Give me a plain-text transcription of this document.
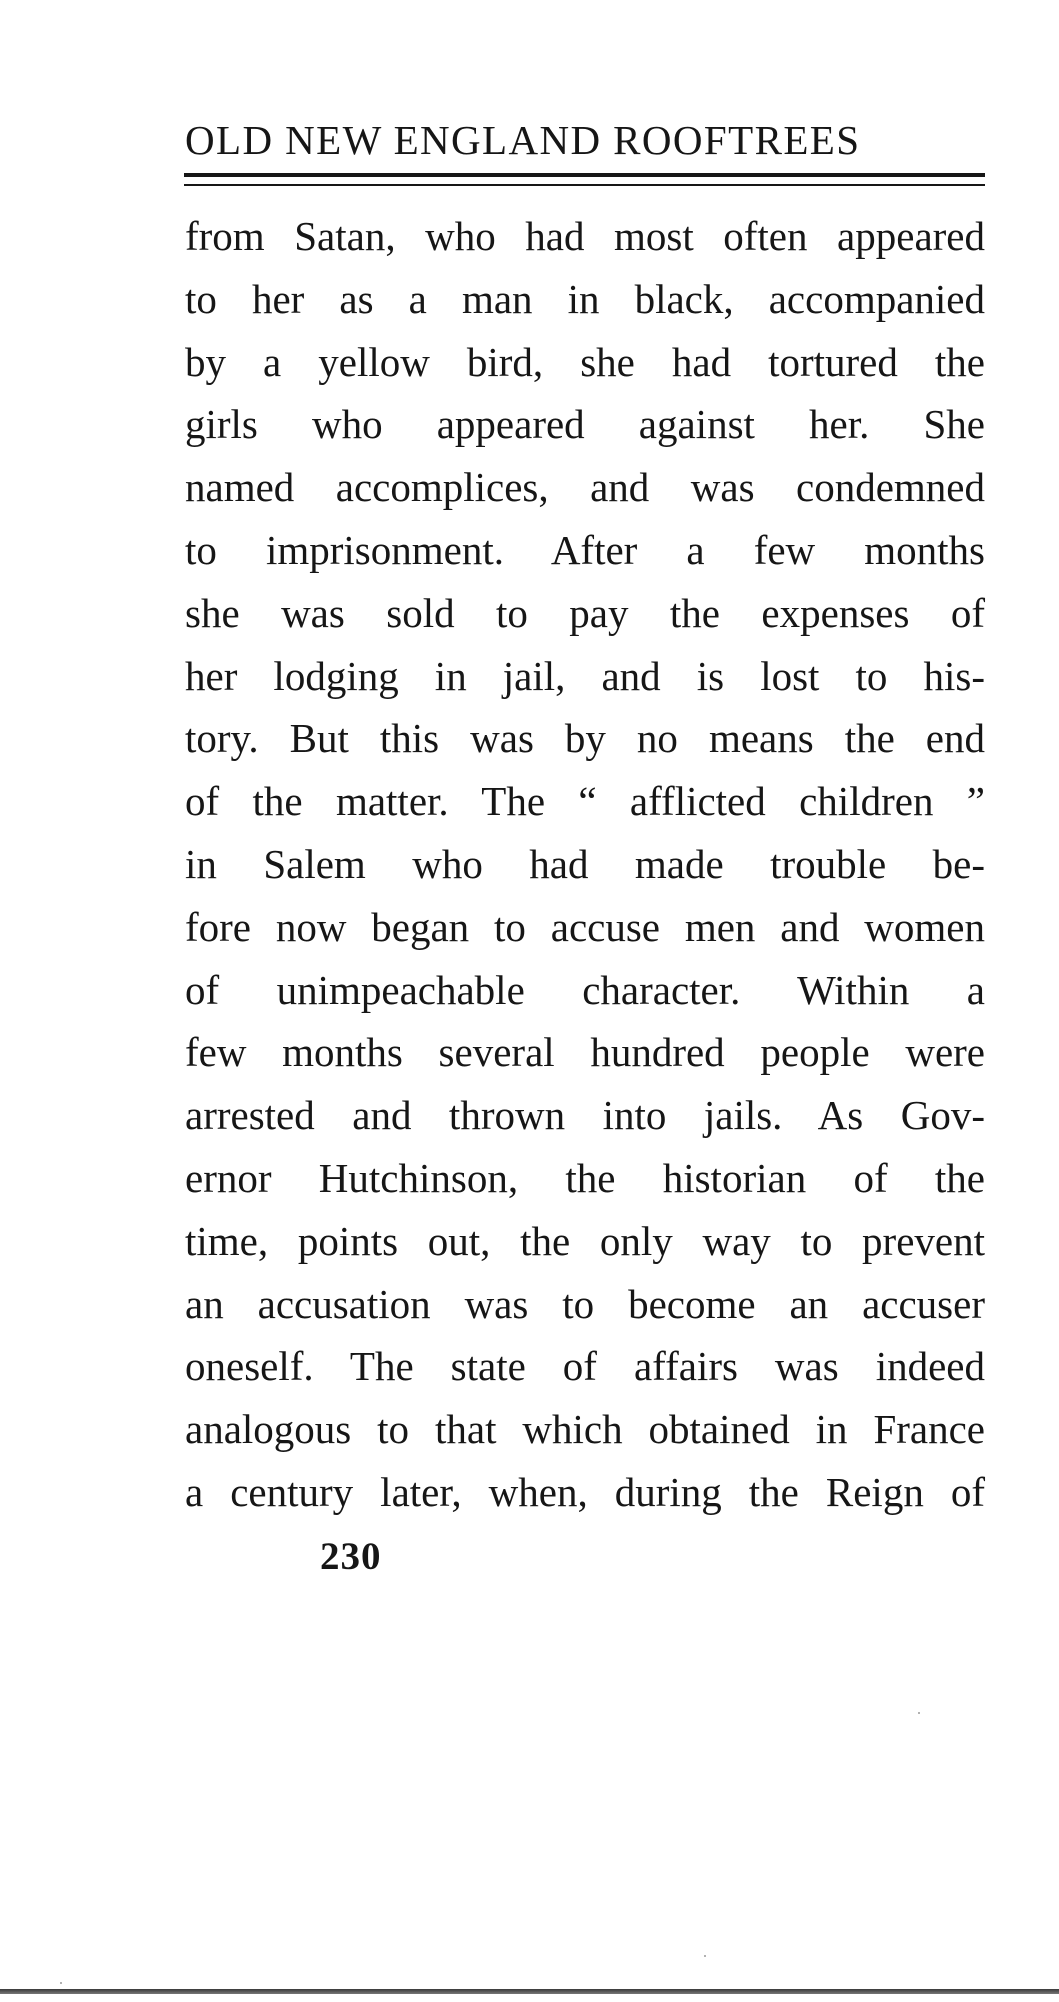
OLD NEW ENGLAND ROOFTREES
from Satan, who had most often appeared
to her as a man in black, accompanied
by a yellow bird, she had tortured the
girls who appeared against her. She
named accomplices, and was condemned
to imprisonment. After a few months
she was sold to pay the expenses of
her lodging in jail, and is lost to his-
tory. But this was by no means the end
of the matter. The “ afflicted children ”
in Salem who had made trouble be-
fore now began to accuse men and women
of unimpeachable character. Within a
few months several hundred people were
arrested and thrown into jails. As Gov-
ernor Hutchinson, the historian of the
time, points out, the only way to prevent
an accusation was to become an accuser
oneself. The state of affairs was indeed
analogous to that which obtained in France
a century later, when, during the Reign of
230
